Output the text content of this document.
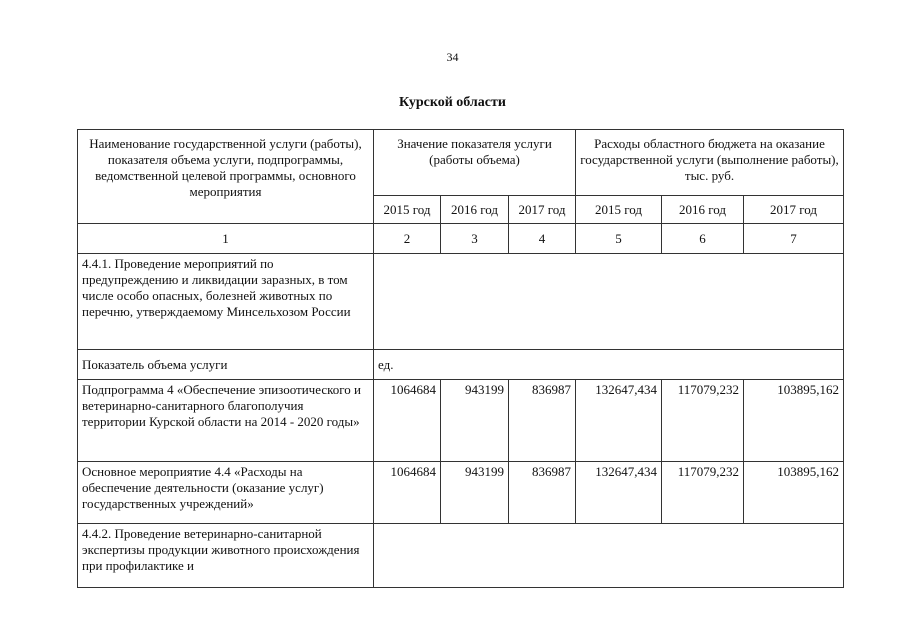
34
Курской области
Наименование государственной услуги (работы), показателя объема услуги, подпрограммы, ведомственной целевой программы, основного мероприятия	Значение показателя услуги (работы объема)			Расходы областного бюджета на оказание государственной услуги (выполнение работы), тыс. руб.		
	2015 год	2016 год	2017 год	2015 год	2016 год	2017 год
1	2	3	4	5	6	7
4.4.1. Проведение мероприятий по предупреждению и ликвидации заразных, в том числе особо опасных, болезней животных по перечню, утверждаемому Минсельхозом России						
Показатель объема услуги	ед.					
Подпрограмма 4 «Обеспечение эпизоотического и ветеринарно-санитарного благополучия территории Курской области на 2014 - 2020 годы»	1064684	943199	836987	132647,434	117079,232	103895,162
Основное мероприятие 4.4 «Расходы на обеспечение деятельности (оказание услуг) государственных учреждений»	1064684	943199	836987	132647,434	117079,232	103895,162
4.4.2. Проведение ветеринарно-санитарной экспертизы продукции животного происхождения при профилактике и						
